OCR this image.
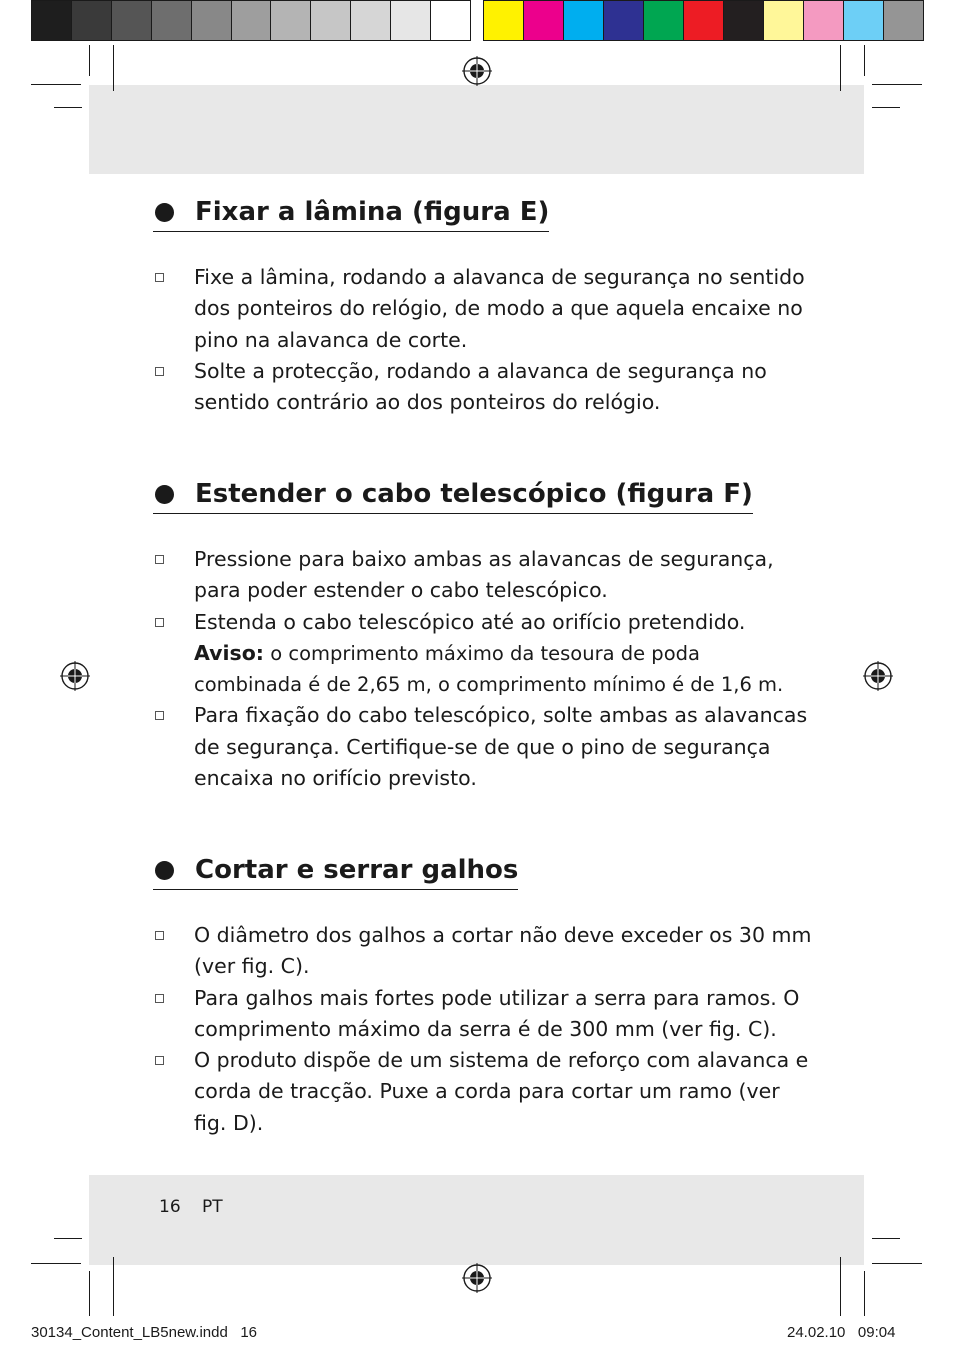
Fixar a lâmina (figura E)
Fixe a lâmina, rodando a alavanca de segurança no sentido dos ponteiros do relógio, de modo a que aquela encaixe no pino na alavanca de corte.
Solte a protecção, rodando a alavanca de segurança no sentido contrário ao dos ponteiros do relógio.
Estender o cabo telescópico (figura F)
Pressione para baixo ambas as alavancas de segurança, para poder estender o cabo telescópico.
Estenda o cabo telescópico até ao orifício pretendido.
Aviso: o comprimento máximo da tesoura de poda combinada é de 2,65 m, o comprimento mínimo é de 1,6 m.
Para fixação do cabo telescópico, solte ambas as alavancas de segurança. Certifique-se de que o pino de segurança encaixa no orifício previsto.
Cortar e serrar galhos
O diâmetro dos galhos a cortar não deve exceder os 30 mm (ver fig. C).
Para galhos mais fortes pode utilizar a serra para ramos. O comprimento máximo da serra é de 300 mm (ver fig. C).
O produto dispõe de um sistema de reforço com alavanca e corda de tracção. Puxe a corda para cortar um ramo (ver fig. D).
16 PT
30134_Content_LB5new.indd   16	24.02.10   09:04
